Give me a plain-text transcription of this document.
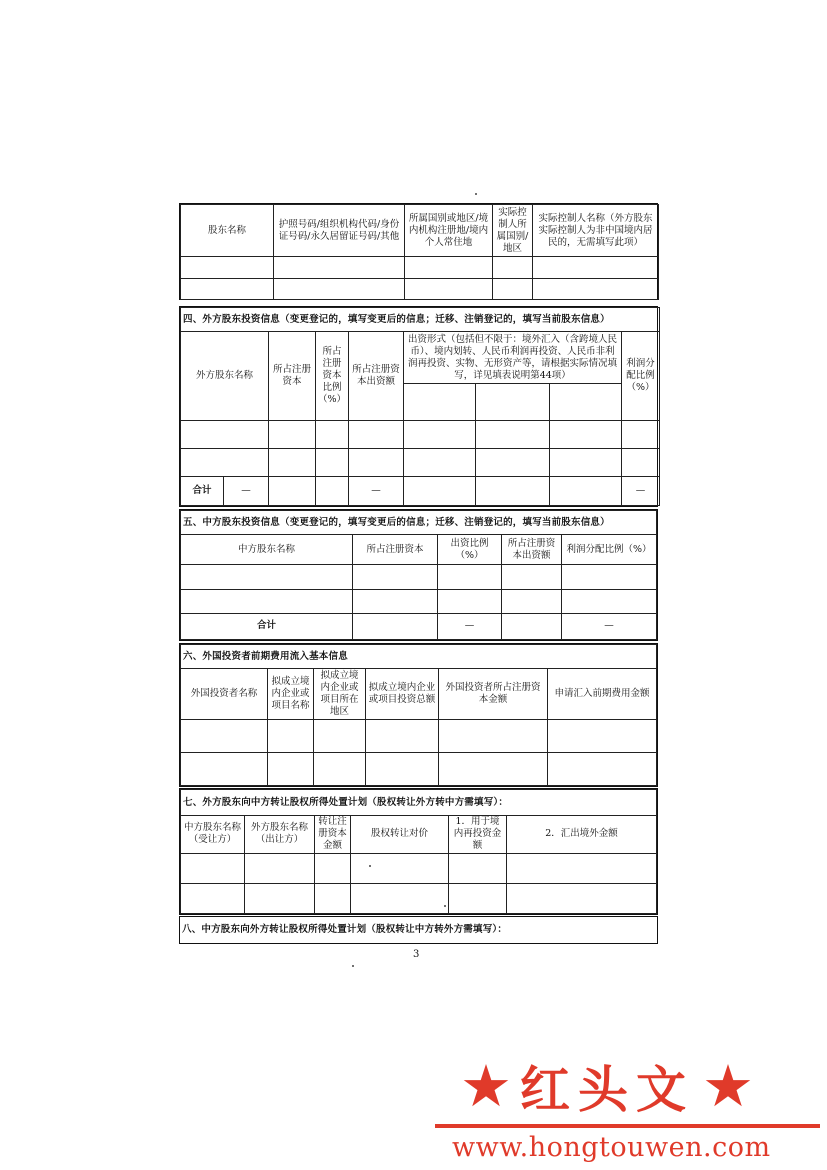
股东名称	护照号码/组织机构代码/身份证号码/永久居留证号码/其他	所属国别或地区/境内机构注册地/境内个人常住地	实际控制人所属国别/地区	实际控制人名称（外方股东实际控制人为非中国境内居民的，无需填写此项）

四、外方股东投资信息（变更登记的，填写变更后的信息；迁移、注销登记的，填写当前股东信息）								
外方股东名称		所占注册资本	所占注册资本比例（%）	所占注册资本出资额	出资形式（包括但不限于：境外汇入（含跨境人民币）、境内划转、人民币利润再投资、人民币非利润再投资、实物、无形资产等，请根据实际情况填写，详见填表说明第44项）			利润分配比例（%）

合计	—			—				—
五、中方股东投资信息（变更登记的，填写变更后的信息；迁移、注销登记的，填写当前股东信息）				
中方股东名称	所占注册资本	出资比例（%）	所占注册资本出资额	利润分配比例（%）

合计		—		—
六、外国投资者前期费用流入基本信息					
外国投资者名称	拟成立境内企业或项目名称	拟成立境内企业或项目所在地区	拟成立境内企业或项目投资总额	外国投资者所占注册资本金额	申请汇入前期费用金额

七、外方股东向中方转让股权所得处置计划（股权转让外方转中方需填写）：					
中方股东名称（受让方）	外方股东名称（出让方）	转让注册资本金额	股权转让对价	1．用于境内再投资金额	2．汇出境外金额

八、中方股东向外方转让股权所得处置计划（股权转让中方转外方需填写）：
3
★ 红头文 ★
www.hongtouwen.com
